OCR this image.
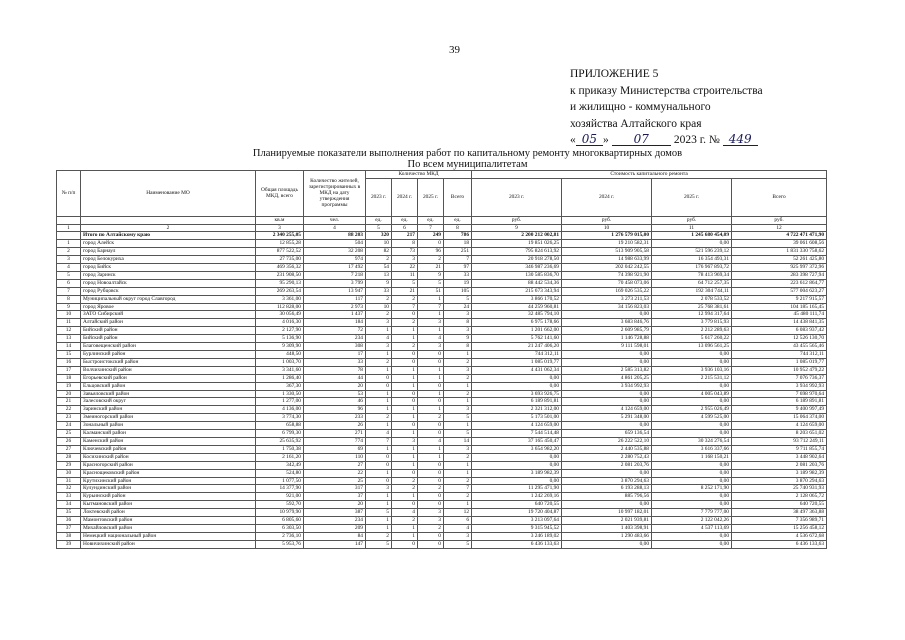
39
ПРИЛОЖЕНИЕ 5
к приказу Министерства строительства
и жилищно - коммунального
хозяйства Алтайского края
« 05 » 07 2023 г. № 449
Планируемые показатели выполнения работ по капитальному ремонту многоквартирных домов
По всем муниципалитетам
№ п/п	Наименование МО	Общая площадь МКД, всего	Количество жителей, зарегистрированных в МКД на дату утверждения программы	Количество МКД				Стоимость капитального ремонта			
				2023 г.	2024 г.	2025 г.	Всего	2023 г.	2024 г.	2025 г.	Всего
		кв.м	чел.	ед.	ед.	ед.	ед.	руб.	руб.	руб.	руб.
1	2	3	4	5	6	7	8	9	10	11	12
	Итого по Алтайскому краю	2 340 255,05	88 203	320	217	249	786	2 200 212 002,81	1 276 579 015,00	1 245 680 454,09	4 722 471 471,90
1	город Алейск	12 855,28	504	10	8	0	18	19 851 026,25	19 210 582,31	0,00	39 061 608,56
2	город Барнаул	877 522,52	32 208	82	73	96	251	795 824 613,92	513 909 905,58	521 596 239,12	1 831 330 758,62
3	город Белокуриха	27 735,00	974	2	3	2	7	20 918 278,50	14 988 633,99	16 354 493,31	52 261 425,80
4	город Бийск	469 356,32	17 492	54	22	21	97	346 987 236,69	202 042 242,55	176 967 893,72	925 997 372,96
5	город Заринск	231 908,50	7 218	13	11	9	33	130 585 836,70	74 398 921,90	78 413 969,34	283 398 727,94
6	город Новоалтайск	95 290,13	3 799	9	5	5	19	88 442 534,36	70 458 073,06	64 712 257,35	223 612 864,77
7	город Рубцовск	269 263,54	13 947	33	21	51	105	215 673 343,94	169 026 535,22	192 304 744,11	577 004 623,27
8	Муниципальный округ город Славгород	3 361,00	117	2	2	1	5	3 866 170,52	3 273 211,53	2 078 533,52	9 217 915,57
9	город Яровое	112 828,00	2 973	10	7	7	24	44 259 960,81	34 156 823,03	25 768 381,61	104 185 165,45
10	ЗАТО Сибирский	30 056,49	1 437	2	0	1	3	32 485 794,10	0,00	12 994 317,64	45 480 111,74
11	Алтайский район	4 016,30	184	3	2	3	8	6 975 178,66	3 683 846,76	3 779 815,93	14 438 841,35
12	Бийский район	2 127,90	72	1	1	1	3	1 201 662,00	2 609 985,79	2 212 289,63	6 083 937,42
13	Бийский район	5 136,90	234	4	1	4	9	5 762 141,60	1 146 728,88	5 617 260,22	12 526 130,70
14	Благовещенский район	9 309,90	308	3	2	3	8	21 247 406,20	9 111 598,01	13 096 561,25	43 455 565,46
15	Бурлинский район	448,50	17	1	0	0	1	744 312,11	0,00	0,00	744 312,11
16	Быстроистокский район	1 003,70	33	2	0	0	2	1 085 019,77	0,00	0,00	1 085 019,77
17	Волчихинский район	3 341,60	78	1	1	1	3	4 431 062,34	2 585 313,82	3 936 103,16	10 952 479,22
18	Егорьевский район	1 286,40	44	0	1	1	2	0,00	4 861 205,25	2 215 531,12	7 076 736,37
19	Ельцовский район	367,30	20	0	1	0	1	0,00	3 934 992,93	0,00	3 934 992,93
20	Завьяловский район	1 330,50	53	1	0	1	2	3 693 926,75	0,00	4 005 043,89	7 698 970,64
21	Залесовский округ	1 277,00	46	1	0	0	1	6 189 891,81	0,00	0,00	6 189 891,81
22	Заринский район	4 136,00	96	1	1	1	3	2 321 312,00	4 124 659,00	2 955 026,49	9 400 997,49
23	Змеиногорский район	3 774,30	233	2	1	2	5	5 173 501,00	5 291 348,00	4 599 525,00	15 064 374,00
24	Зональный район	658,88	26	1	0	0	1	4 124 659,00	0,00	0,00	4 124 659,00
25	Калманский район	6 799,30	271	4	1	0	5	7 544 514,48	659 136,54	0,00	8 203 651,02
26	Каменский район	25 635,92	774	7	3	4	14	37 165 450,47	26 222 522,10	30 324 276,54	93 712 249,11
27	Ключевский район	1 750,38	69	1	1	1	3	3 654 982,20	2 440 535,88	3 616 337,66	9 711 855,74
28	Косихинский район	2 161,20	110	0	1	1	2	0,00	2 280 752,43	1 168 150,21	3 448 902,64
29	Красногорский район	342,49	27	0	1	0	1	0,00	2 081 203,76	0,00	2 081 203,76
30	Краснощековский район	524,80	22	1	0	0	1	3 189 982,39	0,00	0,00	3 189 982,39
31	Крутихинский район	1 077,50	25	0	2	0	2	0,00	3 870 294,63	0,00	3 870 294,63
32	Кулундинский район	14 377,90	317	3	2	2	7	11 295 471,90	6 193 288,13	8 252 171,90	25 740 931,93
33	Курьинский район	921,00	37	1	1	0	2	1 242 269,16	885 796,56	0,00	2 128 065,72
34	Кытмановский район	592,70	20	1	0	0	1	640 720,55	0,00	0,00	640 720,55
35	Локтевский район	10 979,90	387	5	4	3	12	19 720 404,87	10 997 182,01	7 779 777,00	38 497 363,88
36	Мамонтовский район	6 805,60	234	1	2	3	6	3 213 097,64	2 021 939,81	2 122 042,26	7 356 989,71
37	Михайловский район	6 303,50	209	1	1	2	4	9 315 945,52	1 403 398,91	4 537 113,69	15 256 458,12
38	Немецкий национальный район	2 736,10	84	2	1	0	3	3 246 189,02	1 290 483,66	0,00	4 536 672,68
39	Новичихинский район	5 953,76	147	5	0	0	5	6 436 133,63	0,00	0,00	6 436 133,63
